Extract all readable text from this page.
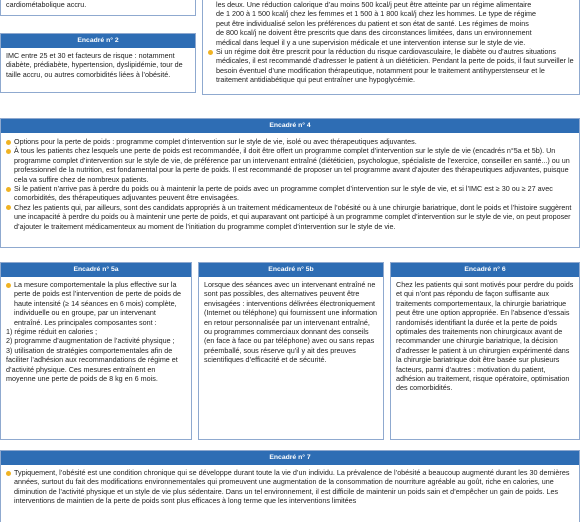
cardiométabolique accru.

Encadré n° 2

IMC entre 25 et 30 et facteurs de risque : notamment diabète, prédiabète, hypertension, dyslipidémie, tour de taille accru, ou autres comorbidités liées à l’obésité.

les deux. Une réduction calorique d’au moins 500 kcal/j peut être atteinte par un régime alimentaire
de 1 200 à 1 500 kcal/j chez les femmes et 1 500 à 1 800 kcal/j chez les hommes. Le type de régime
peut être individualisé selon les préférences du patient et son état de santé. Les régimes de moins
de 800 kcal/j ne doivent être prescrits que dans des circonstances limitées, dans un environnement
médical dans lequel il y a une supervision médicale et une intervention intense sur le style de vie.

Si un régime doit être prescrit pour la réduction du risque cardiovasculaire, le diabète ou d’autres situations médicales, il est recommandé d’adresser le patient à un diététicien. Pendant la perte de poids, il faut surveiller le besoin éventuel d’une modification thérapeutique, notamment pour le traitement antihyperstenseur et le traitement antidiabétique qui peut entraîner une hypoglycémie.
Encadré n° 4
Options pour la perte de poids : programme complet d’intervention sur le style de vie, isolé ou avec thérapeutiques adjuvantes.
À tous les patients chez lesquels une perte de poids est recommandée, il doit être offert un programme complet d’intervention sur le style de vie (encadrés n°5a et 5b). Un programme complet d’intervention sur le style de vie, de préférence par un intervenant entraîné (diététicien, psychologue, spécialiste de l’exercice, conseiller en santé...) ou un professionnel de la nutrition, est fondamental pour la perte de poids. Il est recommandé de proposer un tel programme avant d’ajouter des thérapeutiques adjuvantes, puisque cela va suffire chez de nombreux patients.
Si le patient n’arrive pas à perdre du poids ou à maintenir la perte de poids avec un programme complet d’intervention sur le style de vie, et si l’IMC est ≥ 30 ou ≥ 27 avec comorbidités, des thérapeutiques adjuvantes peuvent être envisagées.
Chez les patients qui, par ailleurs, sont des candidats appropriés à un traitement médicamenteux de l’obésité ou à une chirurgie bariatrique, dont le poids et l’histoire suggèrent une incapacité à perdre du poids ou à maintenir une perte de poids, et qui auparavant ont participé à un programme complet d’intervention sur le style de vie, on peut proposer d’ajouter le traitement médicamenteux au moment de l’initiation du programme complet d’intervention sur le style de vie.
Encadré n° 5a
La mesure comportementale la plus effective sur la perte de poids est l’intervention de perte de poids de haute intensité (≥ 14 séances en 6 mois) complète, individuelle ou en groupe, par un intervenant entraîné. Les principales composantes sont :

1) régime réduit en calories ;

2) programme d’augmentation de l’activité physique ;

3) utilisation de stratégies comportementales afin de faciliter l’adhésion aux recommandations de régime et d’activité physique. Ces mesures entraînent en moyenne une perte de poids de 8 kg en 6 mois.

Encadré n° 5b

Lorsque des séances avec un intervenant entraîné ne sont pas possibles, des alternatives peuvent être envisagées : interventions délivrées électroniquement (Internet ou téléphone) qui fournissent une information en retour personnalisée par un intervenant entraîné, ou programmes commerciaux donnant des conseils (en face à face ou par téléphone) avec ou sans repas préemballé, sous réserve qu’il y ait des preuves scientifiques d’efficacité et de sécurité.

Encadré n° 6

Chez les patients qui sont motivés pour perdre du poids et qui n’ont pas répondu de façon suffisante aux traitements comportementaux, la chirurgie bariatrique peut être une option appropriée. En l’absence d’essais randomisés identifiant la durée et la perte de poids optimales des traitements non chirurgicaux avant de recommander une chirurgie bariatrique, la décision d’adresser le patient à un chirurgien expérimenté dans la chirurgie bariatrique doit être basée sur plusieurs facteurs, parmi d’autres : motivation du patient, adhésion au traitement, risque opératoire, optimisation des comorbidités.

Encadré n° 7
Typiquement, l’obésité est une condition chronique qui se développe durant toute la vie d’un individu. La prévalence de l’obésité a beaucoup augmenté durant les 30 dernières années, surtout du fait des modifications environnementales qui promeuvent une augmentation de la consommation de nourriture agréable au goût, riche en calories, une diminution de l’activité physique et un style de vie plus sédentaire. Dans un tel environnement, il est difficile de maintenir un poids sain et d’empêcher un gain de poids. Les interventions de maintien de la perte de poids sont plus efficaces à long terme que les interventions limitées
